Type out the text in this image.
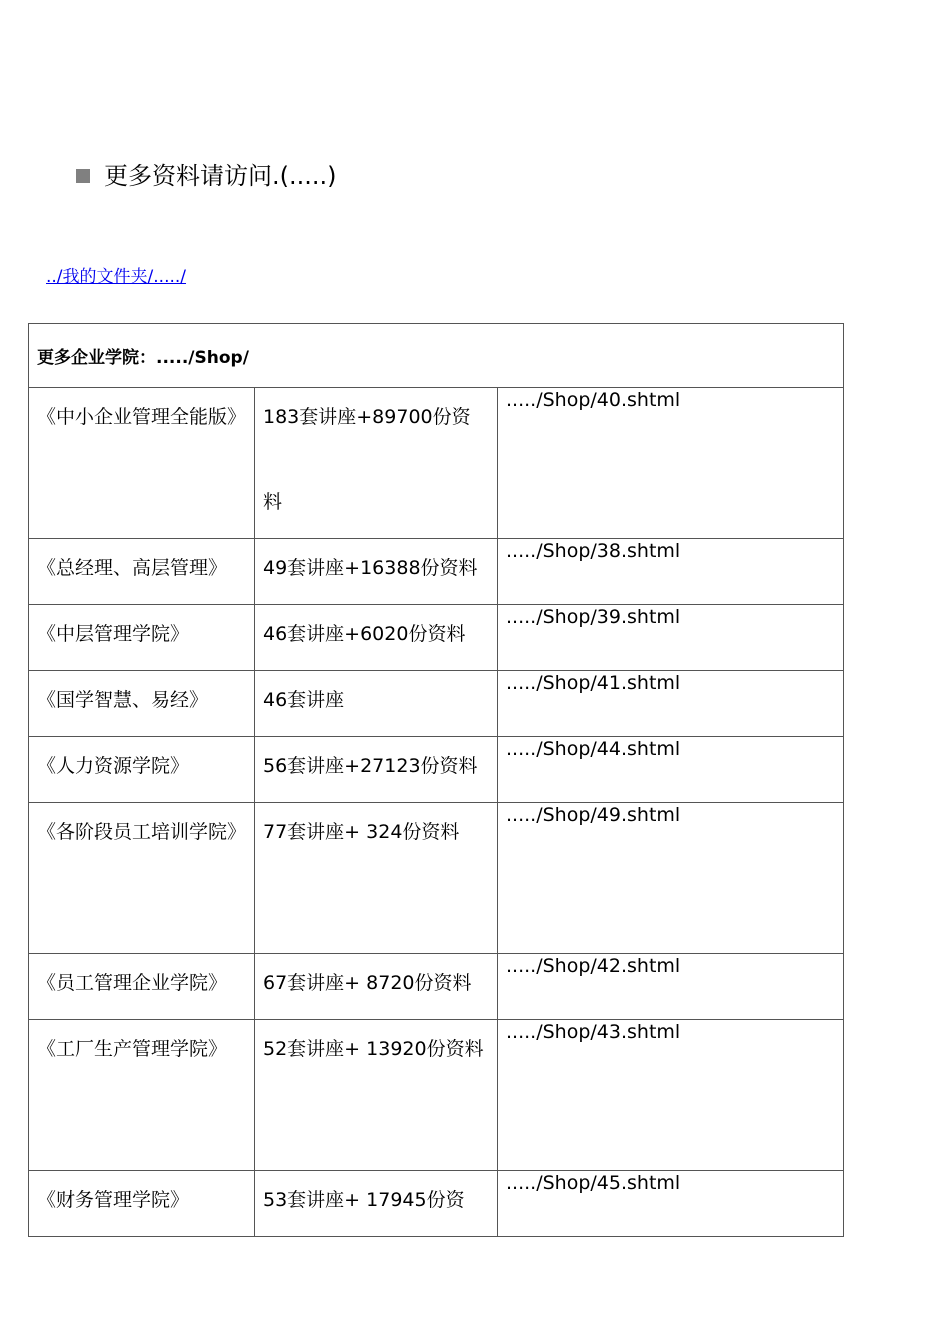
更多资料请访问.(.....)
../我的文件夹/...../
更多企业学院：...../Shop/		

《中小企业管理全能版》	183套讲座+89700份资料	...../Shop/40.shtml

《总经理、高层管理》	49套讲座+16388份资料	...../Shop/38.shtml

《中层管理学院》	46套讲座+6020份资料	...../Shop/39.shtml

《国学智慧、易经》	46套讲座	...../Shop/41.shtml

《人力资源学院》	56套讲座+27123份资料	...../Shop/44.shtml

《各阶段员工培训学院》	77套讲座+ 324份资料	...../Shop/49.shtml

《员工管理企业学院》	67套讲座+ 8720份资料	...../Shop/42.shtml

《工厂生产管理学院》	52套讲座+ 13920份资料	...../Shop/43.shtml

《财务管理学院》	53套讲座+ 17945份资	...../Shop/45.shtml
